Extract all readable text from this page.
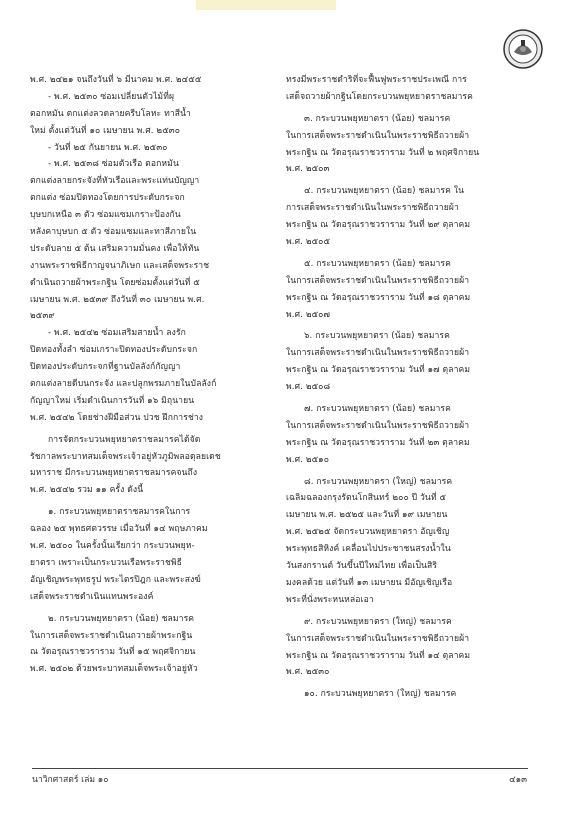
พ.ศ. ๒๔๒๑ จนถึงวันที่ ๖ มีนาคม พ.ศ. ๒๔๕๕
- พ.ศ. ๒๕๓๐ ซ่อมเปลี่ยนตัวไม้ที่ผุ
ตอกหมัน ตกแต่งลวดลายครีบโลหะ ทาสีน้ำ
ใหม่ ตั้งแต่วันที่ ๑๐ เมษายน พ.ศ. ๒๕๓๐
- วันที่ ๒๕ กันยายน พ.ศ. ๒๕๓๐
- พ.ศ. ๒๕๓๘ ซ่อมตัวเรือ ตอกหมัน
ตกแต่งลายกระจังที่หัวเรือและพระแท่นบัญญา
ตกแต่ง ซ่อมปิดทองโดยการประดับกระจก
บุษบกเหนือ ๓ ตัว ซ่อมแซมเกราะป้องกัน
หลังคาบุษบก ๕ ตัว ซ่อมแซมและทาสีภายใน
ประดับลาย ๕ ต้น เสริมความมั่นคง เพื่อให้ทัน
งานพระราชพิธีกาญจนาภิเษก และเสด็จพระราช
ดำเนินถวายผ้าพระกฐิน โดยซ่อมตั้งแต่วันที่ ๕
เมษายน พ.ศ. ๒๕๓๙ ถึงวันที่ ๓๐ เมษายน พ.ศ.
๒๕๓๙
- พ.ศ. ๒๕๔๒ ซ่อมเสริมสายน้ำ ลงรัก
ปิดทองทั้งลำ ซ่อมเกราะปิดทองประดับกระจก
ปิดทองประดับกระจกที่ฐานบัลลังก์กัญญา
ตกแต่งลายดีบนกระจัง และปลูกพรมภายในบัลลังก์
กัญญาใหม่ เริ่มดำเนินการวันที่ ๑๖ มิถุนายน
พ.ศ. ๒๕๔๒ โดยช่างฝีมือส่วน ปวช ฝึกการช่าง
การจัดกระบวนพยุหยาตราชลมารคได้จัด
รัชกาลพระบาทสมเด็จพระเจ้าอยู่หัวภูมิพลอดุลยเดช
มหาราช มีกระบวนพยุหยาตราชลมารคจนถึง
พ.ศ. ๒๕๔๒ รวม ๑๑ ครั้ง ดังนี้
๑. กระบวนพยุหยาตราชลมารคในการ
ฉลอง ๒๕ พุทธศตวรรษ เมื่อวันที่ ๑๔ พฤษภาคม
พ.ศ. ๒๕๐๐ ในครั้งนั้นเรียกว่า กระบวนพยุห-
ยาตรา เพราะเป็นกระบวนเรือพระราชพิธี
อัญเชิญพระพุทธรูป พระไตรปิฎก และพระสงฆ์
เสด็จพระราชดำเนินแทนพระองค์
๒. กระบวนพยุหยาตรา (น้อย) ชลมารค
ในการเสด็จพระราชดำเนินถวายผ้าพระกฐิน
ณ วัดอรุณราชวราราม วันที่ ๑๕ พฤศจิกายน
พ.ศ. ๒๕๐๒ ด้วยพระบาทสมเด็จพระเจ้าอยู่หัว
ทรงมีพระราชดำริที่จะฟื้นฟูพระราชประเพณี การ
เสด็จถวายผ้ากฐินโดยกระบวนพยุหยาตราชลมารค
๓. กระบวนพยุหยาตรา (น้อย) ชลมารค
ในการเสด็จพระราชดำเนินในพระราชพิธีถวายผ้า
พระกฐิน ณ วัดอรุณราชวราราม วันที่ ๒ พฤศจิกายน
พ.ศ. ๒๕๐๓
๔. กระบวนพยุหยาตรา (น้อย) ชลมารค ใน
การเสด็จพระราชดำเนินในพระราชพิธีถวายผ้า
พระกฐิน ณ วัดอรุณราชวราราม วันที่ ๒๙ ตุลาคม
พ.ศ. ๒๕๐๕
๕. กระบวนพยุหยาตรา (น้อย) ชลมารค
ในการเสด็จพระราชดำเนินในพระราชพิธีถวายผ้า
พระกฐิน ณ วัดอรุณราชวราราม วันที่ ๑๘ ตุลาคม
พ.ศ. ๒๕๐๗
๖. กระบวนพยุหยาตรา (น้อย) ชลมารค
ในการเสด็จพระราชดำเนินในพระราชพิธีถวายผ้า
พระกฐิน ณ วัดอรุณราชวราราม วันที่ ๑๗ ตุลาคม
พ.ศ. ๒๕๐๘
๗. กระบวนพยุหยาตรา (น้อย) ชลมารค
ในการเสด็จพระราชดำเนินในพระราชพิธีถวายผ้า
พระกฐิน ณ วัดอรุณราชวราราม วันที่ ๒๓ ตุลาคม
พ.ศ. ๒๕๑๐
๘. กระบวนพยุหยาตรา (ใหญ่) ชลมารค
เฉลิมฉลองกรุงรัตนโกสินทร์ ๒๐๐ ปี วันที่ ๕
เมษายน พ.ศ. ๒๕๒๕ และวันที่ ๑๙ เมษายน
พ.ศ. ๒๕๒๕ จัดกระบวนพยุหยาตรา อัญเชิญ
พระพุทธสิหิงค์ เคลื่อนไปประชาชนสรงน้ำใน
วันสงกรานต์ วันขึ้นปีใหม่ไทย เพื่อเป็นสิริ
มงคลด้วย แต่วันที่ ๑๓ เมษายน มีอัญเชิญเรือ
พระที่นั่งพระหนหล่อเอา
๙. กระบวนพยุหยาตรา (ใหญ่) ชลมารค
ในการเสด็จพระราชดำเนินในพระราชพิธีถวายผ้า
พระกฐิน ณ วัดอรุณราชวราราม วันที่ ๑๔ ตุลาคม
พ.ศ. ๒๕๓๐
๑๐. กระบวนพยุหยาตรา (ใหญ่) ชลมารค
นาวิกศาสตร์ เล่ม ๑๐	๔๑๓
